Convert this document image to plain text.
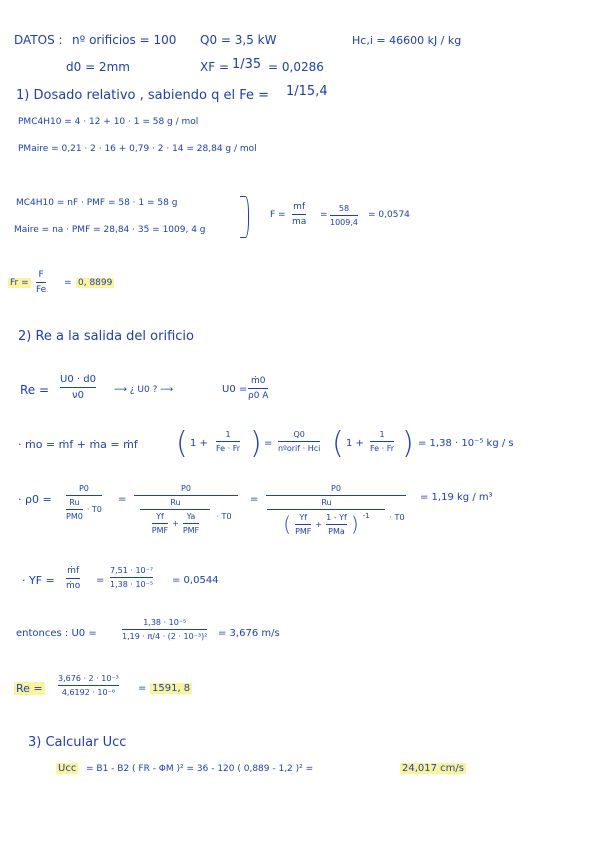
DATOS : nº orificios = 100 Q0 = 3,5 kW	Hc,i = 46600 kJ / kg
d0 = 2mm	XF = 1/35 = 0,0286
1) Dosado relativo , sabiendo q el Fe = 1/15,4
PMC4H10 = 4 · 12 + 10 · 1 = 58 g / mol
PMaire = 0,21 · 2 · 16 + 0,79 · 2 · 14 = 28,84 g / mol
MC4H10 = nF · PMF = 58 · 1 = 58 g
Maire = na · PMF = 28,84 · 35 = 1009, 4 g
F =
mf
ma
=
58
1009,4
= 0,0574
Fr =
F
Fe
= 0, 8899
2) Re a la salida del orificio
Re =
U0 · d0
ν0	⟶ ¿ U0 ? ⟶	U0 =
ṁ0
ρ0 A
· ṁo = ṁf + ṁa = ṁf ( 1 +
1
Fe · Fr ) =
Q0
nºorif · Hci ( 1 +
1
Fe · Fr ) = 1,38 · 10⁻⁵ kg / s
· ρ0 =
P0
$\frac{Ru}{PM0} \cdot T0$
=
P0
Ru
$\frac{Yf}{\text{PMF}} + \frac{Ya}{\text{PMF}} \cdot T0$
=
P0
Ru
( $\frac{Yf}{\text{PMF}} + \frac{1 - Yf}{\text{PMa}}$ ) -1 · T0
= 1,19 kg / m³
· YF =
ṁf
ṁo =
7,51 · 10⁻⁷
1,38 · 10⁻⁵ = 0,0544
entonces : U0 =
1,38 · 10⁻⁵
1,19 · π/4 · (2 · 10⁻³)² = 3,676 m/s
Re =
3,676 · 2 · 10⁻³
4,6192 · 10⁻⁶ = 1591, 8
3) Calcular Ucc
Ucc = B1 - B2 ( FR - ΦM )² = 36 - 120 ( 0,889 - 1,2 )² =	24,017 cm/s
